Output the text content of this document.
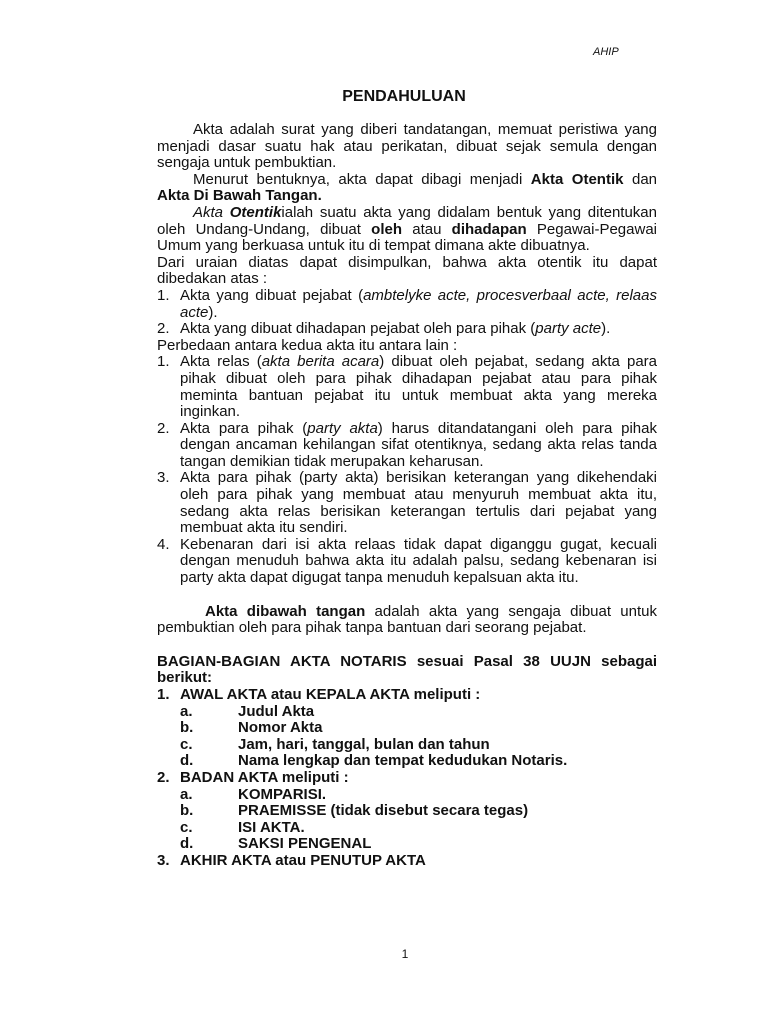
AHIP
PENDAHULUAN

Akta adalah surat yang diberi tandatangan, memuat peristiwa yang menjadi dasar suatu hak atau perikatan, dibuat sejak semula dengan sengaja untuk pembuktian.

Menurut bentuknya, akta dapat dibagi menjadi Akta Otentik dan Akta Di Bawah Tangan.

Akta Otentikialah suatu akta yang didalam bentuk yang ditentukan oleh Undang-Undang, dibuat oleh atau dihadapan Pegawai-Pegawai Umum yang berkuasa untuk itu di tempat dimana akte dibuatnya.

Dari uraian diatas dapat disimpulkan, bahwa akta otentik itu dapat dibedakan atas :

1. Akta yang dibuat pejabat (ambtelyke acte, procesverbaal acte, relaas acte).
2. Akta yang dibuat dihadapan pejabat oleh para pihak (party acte).

Perbedaan antara kedua akta itu antara lain :

1. Akta relas (akta berita acara) dibuat oleh pejabat, sedang akta para pihak dibuat oleh para pihak dihadapan pejabat atau para pihak meminta bantuan pejabat itu untuk membuat akta yang mereka inginkan.
2. Akta para pihak (party akta) harus ditandatangani oleh para pihak dengan ancaman kehilangan sifat otentiknya, sedang akta relas tanda tangan demikian tidak merupakan keharusan.
3. Akta para pihak (party akta) berisikan keterangan yang dikehendaki oleh para pihak yang membuat atau menyuruh membuat akta itu, sedang akta relas berisikan keterangan tertulis dari pejabat yang membuat akta itu sendiri.
4. Kebenaran dari isi akta relaas tidak dapat diganggu gugat, kecuali dengan menuduh bahwa akta itu adalah palsu, sedang kebenaran isi party akta dapat digugat tanpa menuduh kepalsuan akta itu.

Akta dibawah tangan adalah akta yang sengaja dibuat untuk pembuktian oleh para pihak tanpa bantuan dari seorang pejabat.

BAGIAN-BAGIAN AKTA NOTARIS sesuai Pasal 38 UUJN sebagai berikut:

1. AWAL AKTA atau KEPALA AKTA meliputi :
a.	Judul Akta
b.	Nomor Akta
c.	Jam, hari, tanggal, bulan dan tahun
d.	Nama lengkap dan tempat kedudukan Notaris.
2. BADAN AKTA meliputi :
a.	KOMPARISI.
b.	PRAEMISSE (tidak disebut secara tegas)
c.	ISI AKTA.
d.	SAKSI PENGENAL
3. AKHIR AKTA atau PENUTUP AKTA
1
